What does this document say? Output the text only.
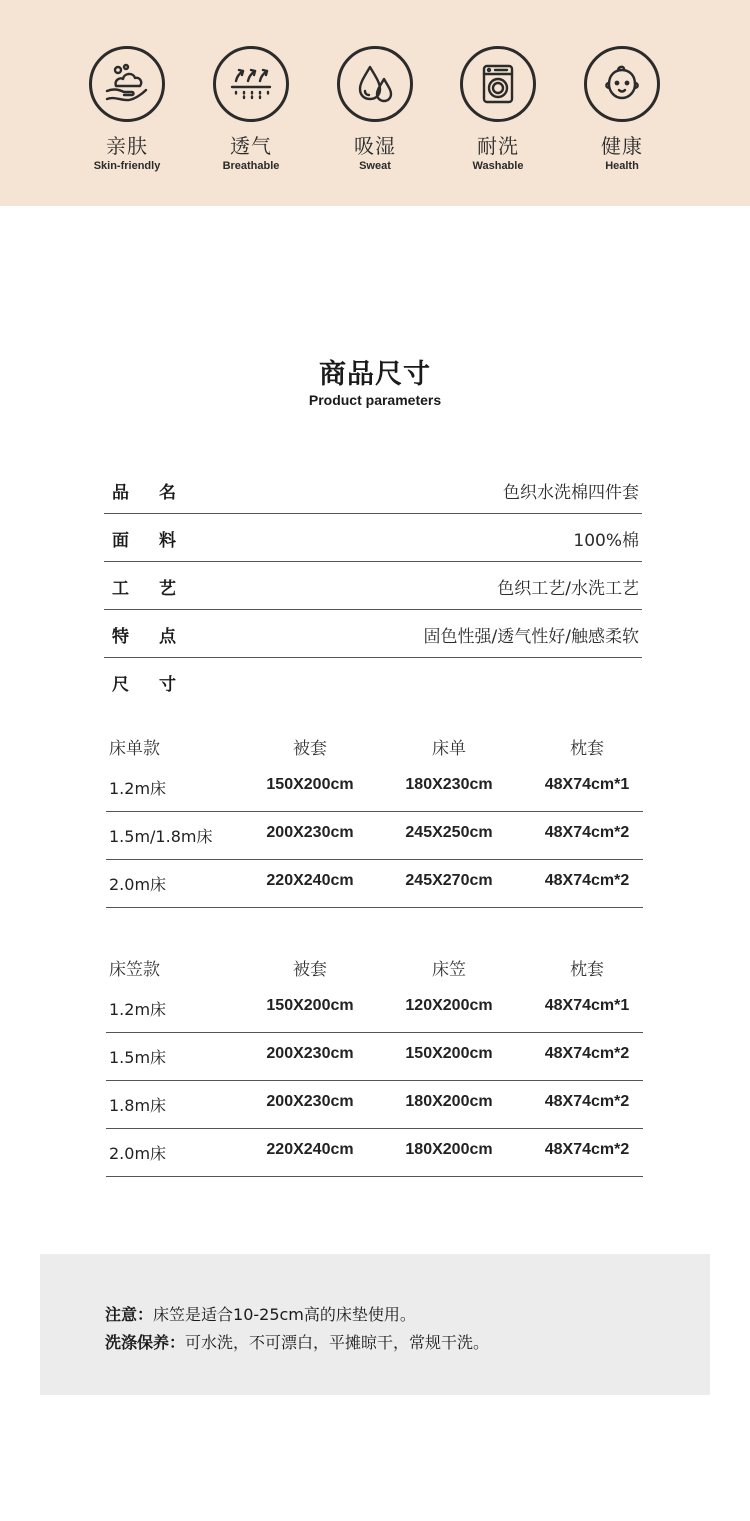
亲肤
Skin-friendly
透气
Breathable
吸湿
Sweat
耐洗
Washable
健康
Health
商品尺寸
Product parameters
品名	色织水洗棉四件套
面料	100%棉
工艺	色织工艺/水洗工艺
特点	固色性强/透气性好/触感柔软
尺寸
床单款	被套	床单	枕套
1.2m床	150X200cm	180X230cm	48X74cm*1
1.5m/1.8m床	200X230cm	245X250cm	48X74cm*2
2.0m床	220X240cm	245X270cm	48X74cm*2
床笠款	被套	床笠	枕套
1.2m床	150X200cm	120X200cm	48X74cm*1
1.5m床	200X230cm	150X200cm	48X74cm*2
1.8m床	200X230cm	180X200cm	48X74cm*2
2.0m床	220X240cm	180X200cm	48X74cm*2
注意：床笠是适合10-25cm高的床垫使用。
洗涤保养：可水洗，不可漂白，平摊晾干，常规干洗。
